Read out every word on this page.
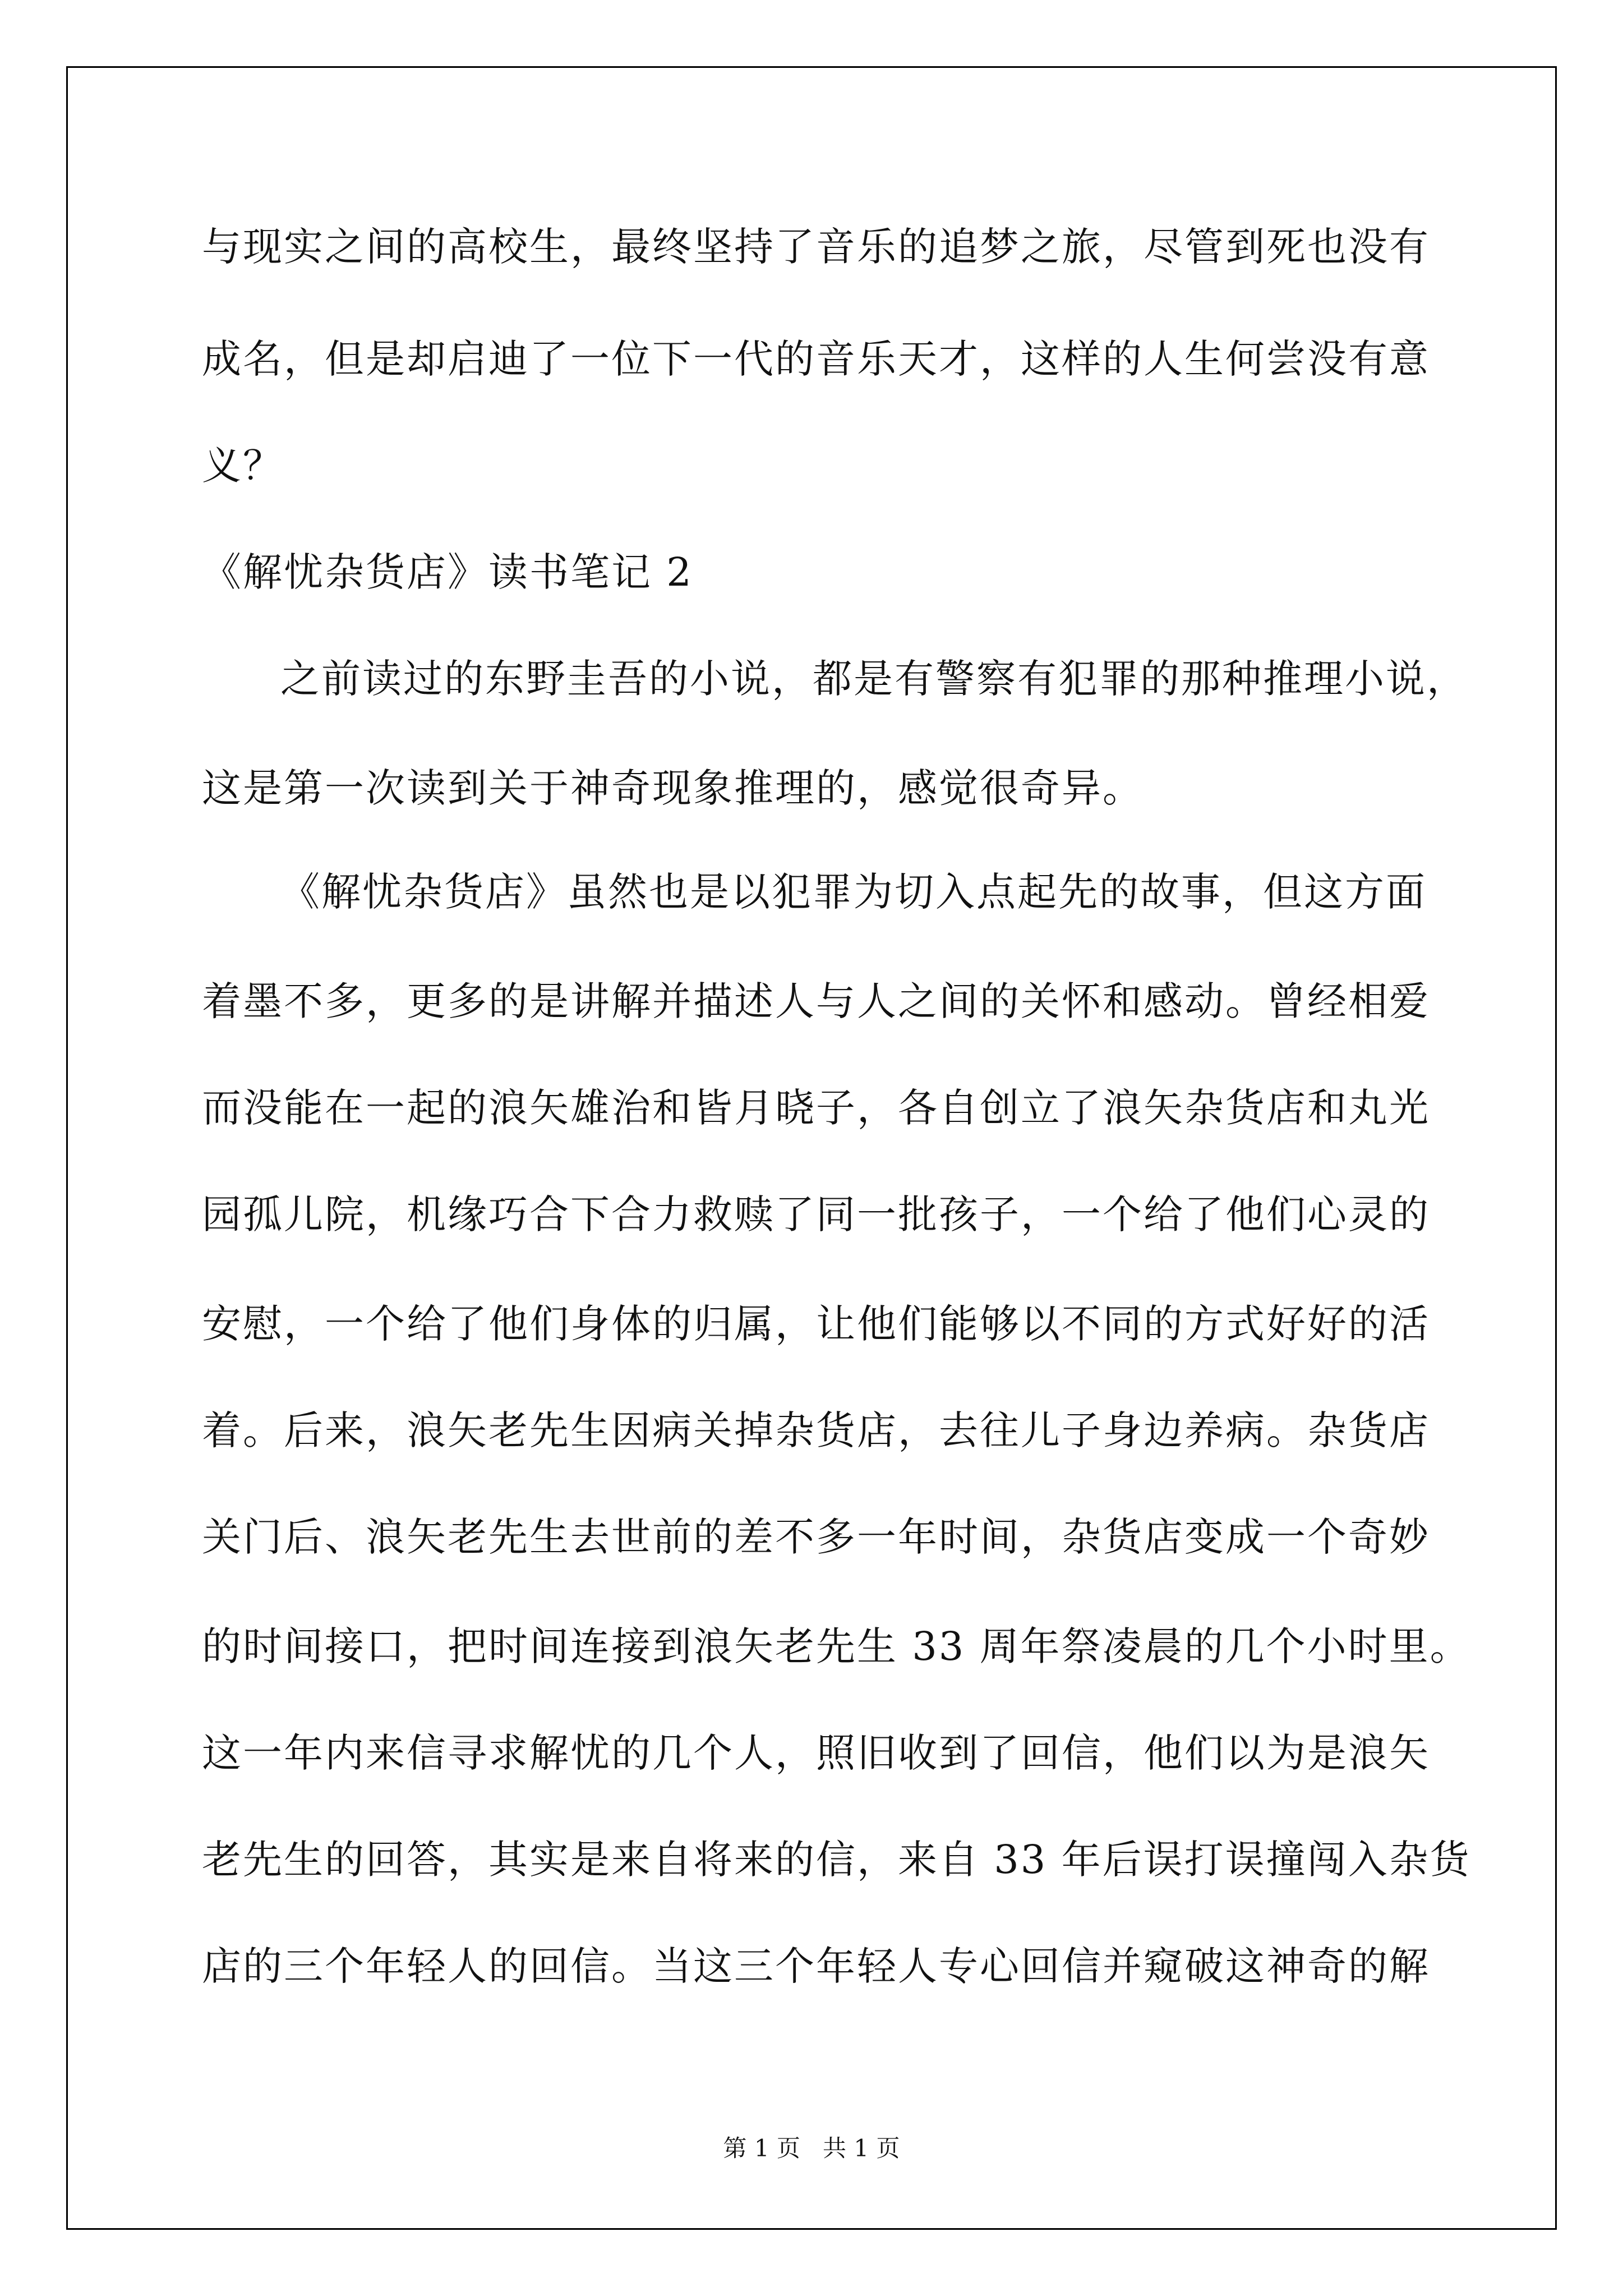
与现实之间的高校生，最终坚持了音乐的追梦之旅，尽管到死也没有

成名，但是却启迪了一位下一代的音乐天才，这样的人生何尝没有意

义？

《解忧杂货店》读书笔记 2

之前读过的东野圭吾的小说，都是有警察有犯罪的那种推理小说，

这是第一次读到关于神奇现象推理的，感觉很奇异。

《解忧杂货店》虽然也是以犯罪为切入点起先的故事，但这方面

着墨不多，更多的是讲解并描述人与人之间的关怀和感动。曾经相爱

而没能在一起的浪矢雄治和皆月晓子，各自创立了浪矢杂货店和丸光

园孤儿院，机缘巧合下合力救赎了同一批孩子，一个给了他们心灵的

安慰，一个给了他们身体的归属，让他们能够以不同的方式好好的活

着。后来，浪矢老先生因病关掉杂货店，去往儿子身边养病。杂货店

关门后、浪矢老先生去世前的差不多一年时间，杂货店变成一个奇妙

的时间接口，把时间连接到浪矢老先生 33 周年祭凌晨的几个小时里。

这一年内来信寻求解忧的几个人，照旧收到了回信，他们以为是浪矢

老先生的回答，其实是来自将来的信，来自 33 年后误打误撞闯入杂货

店的三个年轻人的回信。当这三个年轻人专心回信并窥破这神奇的解

第 1 页   共 1 页
